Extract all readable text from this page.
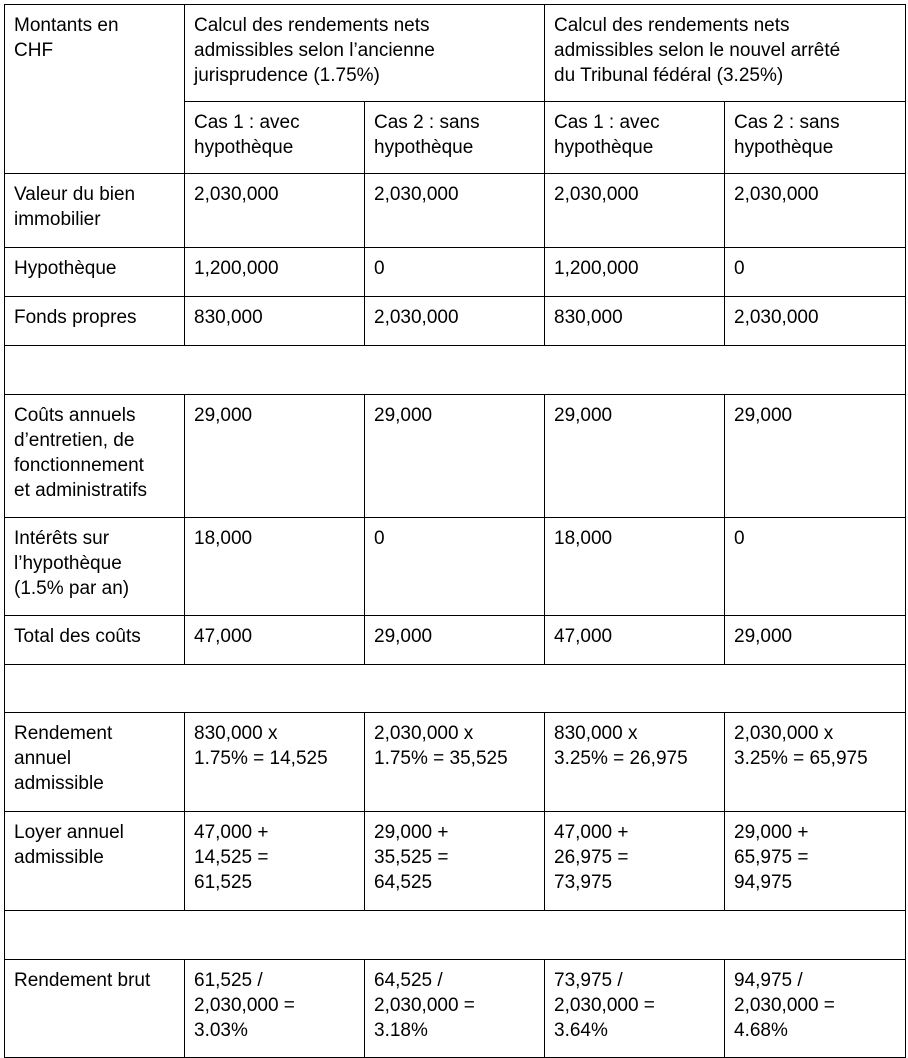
Montants en
CHF	Calcul des rendements nets
admissibles selon l’ancienne
jurisprudence (1.75%)		Calcul des rendements nets
admissibles selon le nouvel arrêté
du Tribunal fédéral (3.25%)	
	Cas 1 : avec
hypothèque	Cas 2 : sans
hypothèque	Cas 1 : avec
hypothèque	Cas 2 : sans
hypothèque
Valeur du bien
immobilier	2,030,000	2,030,000	2,030,000	2,030,000
Hypothèque	1,200,000	0	1,200,000	0
Fonds propres	830,000	2,030,000	830,000	2,030,000

Coûts annuels
d’entretien, de
fonctionnement
et administratifs	29,000	29,000	29,000	29,000
Intérêts sur
l’hypothèque
(1.5% par an)	18,000	0	18,000	0
Total des coûts	47,000	29,000	47,000	29,000

Rendement
annuel
admissible	830,000 x
1.75% = 14,525	2,030,000 x
1.75% = 35,525	830,000 x
3.25% = 26,975	2,030,000 x
3.25% = 65,975
Loyer annuel
admissible	47,000 +
14,525 =
61,525	29,000 +
35,525 =
64,525	47,000 +
26,975 =
73,975	29,000 +
65,975 =
94,975

Rendement brut	61,525 /
2,030,000 =
3.03%	64,525 /
2,030,000 =
3.18%	73,975 /
2,030,000 =
3.64%	94,975 /
2,030,000 =
4.68%
